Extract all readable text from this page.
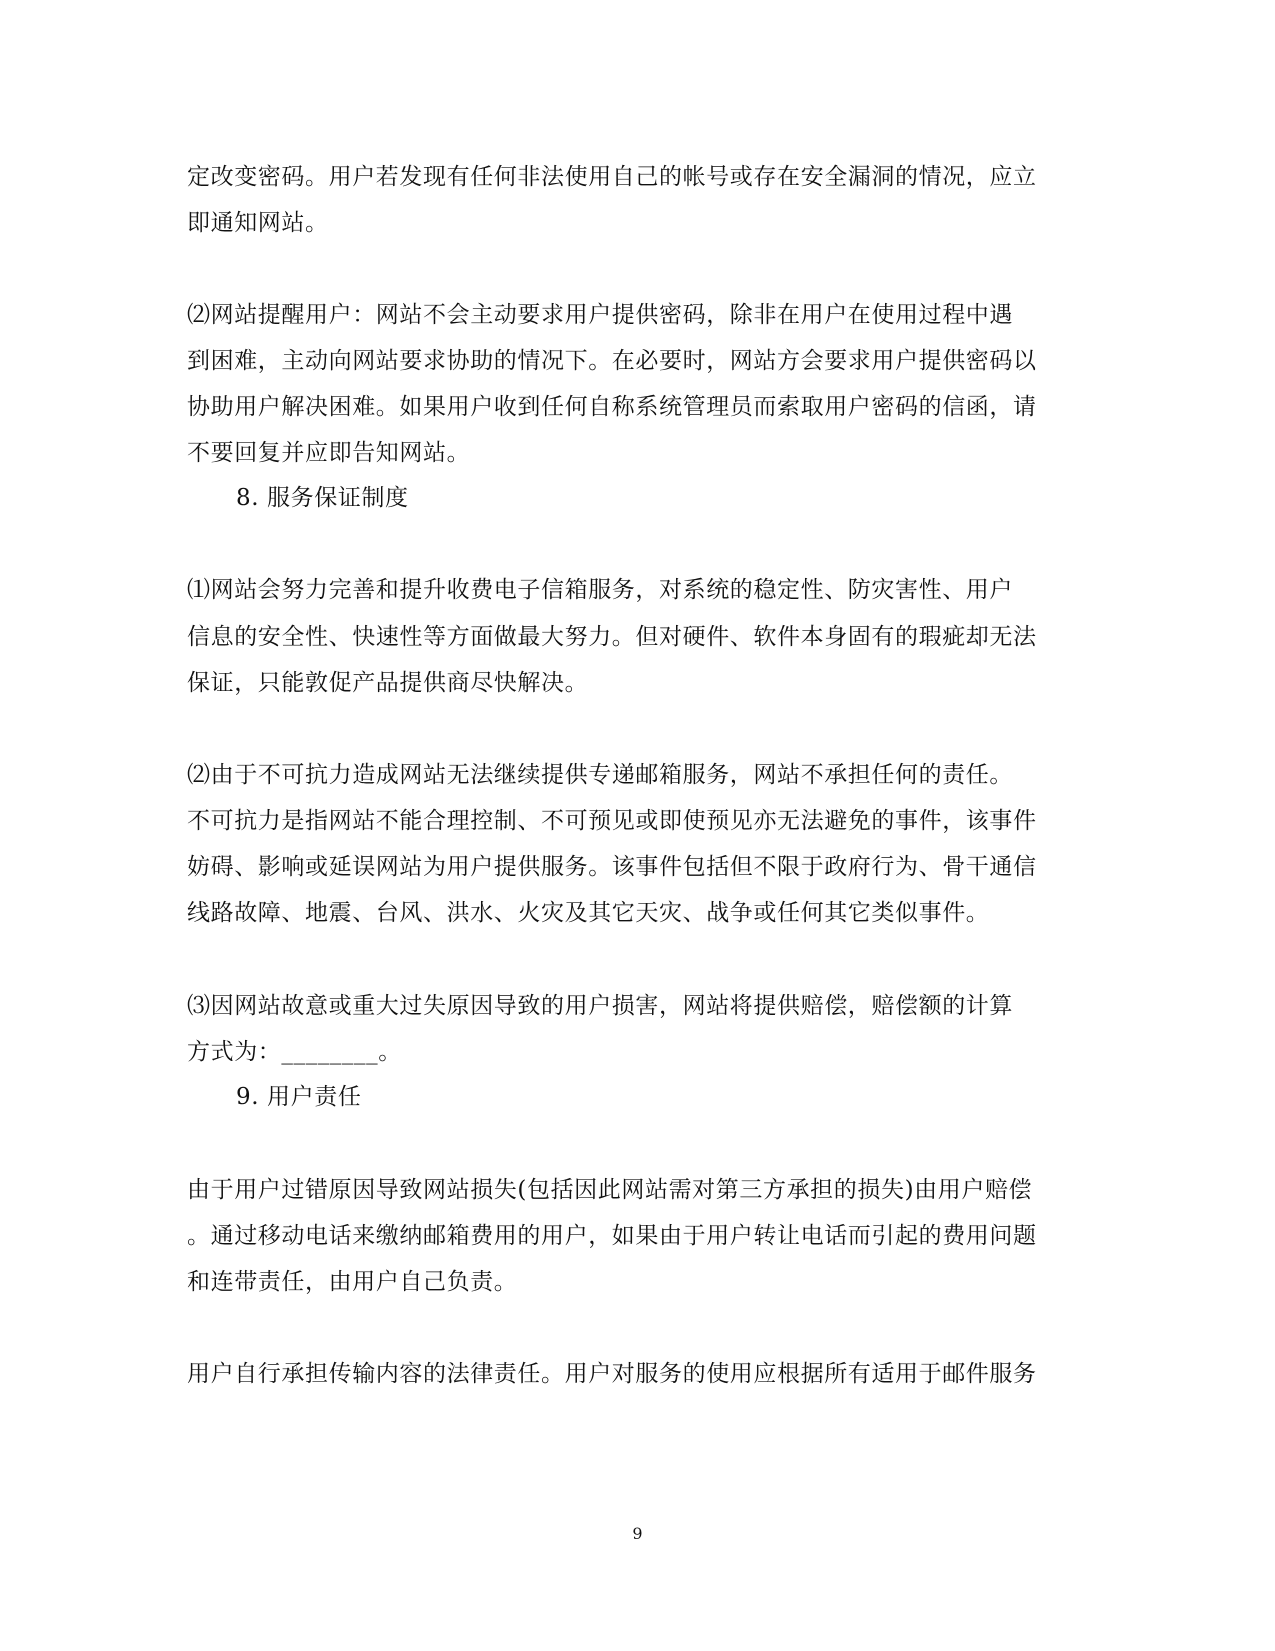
定改变密码。用户若发现有任何非法使用自己的帐号或存在安全漏洞的情况，应立
即通知网站。
⑵网站提醒用户：网站不会主动要求用户提供密码，除非在用户在使用过程中遇
到困难，主动向网站要求协助的情况下。在必要时，网站方会要求用户提供密码以
协助用户解决困难。如果用户收到任何自称系统管理员而索取用户密码的信函，请
不要回复并应即告知网站。
8. 服务保证制度
⑴网站会努力完善和提升收费电子信箱服务，对系统的稳定性、防灾害性、用户
信息的安全性、快速性等方面做最大努力。但对硬件、软件本身固有的瑕疵却无法
保证，只能敦促产品提供商尽快解决。
⑵由于不可抗力造成网站无法继续提供专递邮箱服务，网站不承担任何的责任。
不可抗力是指网站不能合理控制、不可预见或即使预见亦无法避免的事件，该事件
妨碍、影响或延误网站为用户提供服务。该事件包括但不限于政府行为、骨干通信
线路故障、地震、台风、洪水、火灾及其它天灾、战争或任何其它类似事件。
⑶因网站故意或重大过失原因导致的用户损害，网站将提供赔偿，赔偿额的计算
方式为：________。
9. 用户责任
由于用户过错原因导致网站损失(包括因此网站需对第三方承担的损失)由用户赔偿
。通过移动电话来缴纳邮箱费用的用户，如果由于用户转让电话而引起的费用问题
和连带责任，由用户自己负责。
用户自行承担传输内容的法律责任。用户对服务的使用应根据所有适用于邮件服务
9
